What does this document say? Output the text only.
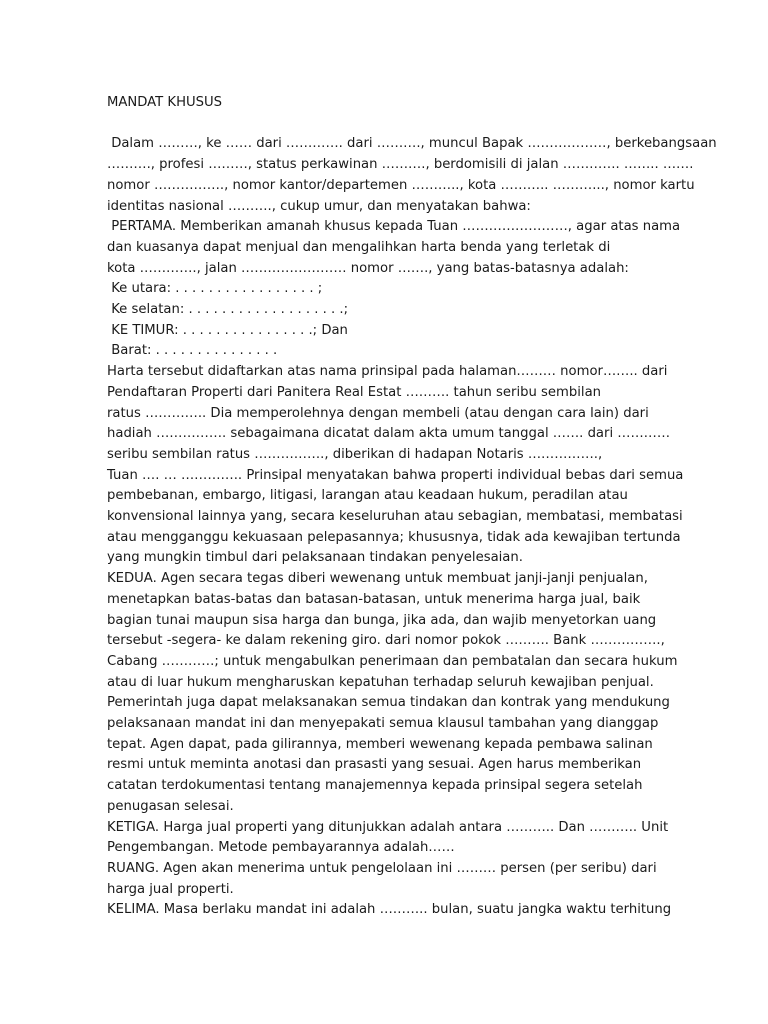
MANDAT KHUSUS
Dalam ………, ke …… dari …………. dari ………., muncul Bapak ………………, berkebangsaan
………., profesi ………, status perkawinan ………., berdomisili di jalan …………. …….. …….
nomor ……………., nomor kantor/departemen ……….., kota ……….. ………..., nomor kartu
identitas nasional ………., cukup umur, dan menyatakan bahwa:
PERTAMA. Memberikan amanah khusus kepada Tuan ……………………, agar atas nama
dan kuasanya dapat menjual dan mengalihkan harta benda yang terletak di
kota …………., jalan …………………… nomor ……., yang batas-batasnya adalah:
Ke utara: . . . . . . . . . . . . . . . . . ;
Ke selatan: . . . . . . . . . . . . . . . . . . .;
KE TIMUR: . . . . . . . . . . . . . . . .; Dan
Barat: . . . . . . . . . . . . . . .
Harta tersebut didaftarkan atas nama prinsipal pada halaman……… nomor…….. dari
Pendaftaran Properti dari Panitera Real Estat ………. tahun seribu sembilan
ratus ………….. Dia memperolehnya dengan membeli (atau dengan cara lain) dari
hadiah ……………. sebagaimana dicatat dalam akta umum tanggal ……. dari …………
seribu sembilan ratus ……………., diberikan di hadapan Notaris …………….,
Tuan …. … ………….. Prinsipal menyatakan bahwa properti individual bebas dari semua
pembebanan, embargo, litigasi, larangan atau keadaan hukum, peradilan atau
konvensional lainnya yang, secara keseluruhan atau sebagian, membatasi, membatasi
atau mengganggu kekuasaan pelepasannya; khususnya, tidak ada kewajiban tertunda
yang mungkin timbul dari pelaksanaan tindakan penyelesaian.
KEDUA. Agen secara tegas diberi wewenang untuk membuat janji-janji penjualan,
menetapkan batas-batas dan batasan-batasan, untuk menerima harga jual, baik
bagian tunai maupun sisa harga dan bunga, jika ada, dan wajib menyetorkan uang
tersebut -segera- ke dalam rekening giro. dari nomor pokok ………. Bank …………….,
Cabang …………; untuk mengabulkan penerimaan dan pembatalan dan secara hukum
atau di luar hukum mengharuskan kepatuhan terhadap seluruh kewajiban penjual.
Pemerintah juga dapat melaksanakan semua tindakan dan kontrak yang mendukung
pelaksanaan mandat ini dan menyepakati semua klausul tambahan yang dianggap
tepat. Agen dapat, pada gilirannya, memberi wewenang kepada pembawa salinan
resmi untuk meminta anotasi dan prasasti yang sesuai. Agen harus memberikan
catatan terdokumentasi tentang manajemennya kepada prinsipal segera setelah
penugasan selesai.
KETIGA. Harga jual properti yang ditunjukkan adalah antara ……….. Dan ……….. Unit
Pengembangan. Metode pembayarannya adalah……
RUANG. Agen akan menerima untuk pengelolaan ini ……… persen (per seribu) dari
harga jual properti.
KELIMA. Masa berlaku mandat ini adalah ……….. bulan, suatu jangka waktu terhitung
